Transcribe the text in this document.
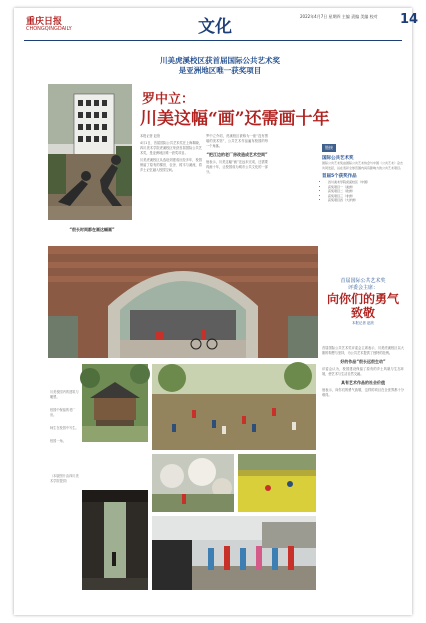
重庆日报
CHONGQINGDAILY	文化
2022年4月7日 星期四 主编 责编 美编 校对	14
川美虎溪校区获首届国际公共艺术奖
是亚洲地区唯一获奖项目
罗中立：
川美这幅“画”还需画十年

本报记者 赵欣

4月1日，首届国际公共艺术奖在上海揭晓，四川美术学院虎溪校区荣获首届国际公共艺术奖，是亚洲地区唯一获奖项目。

川美虎溪校区从选址到建成历经多年，校园保留了原有的梯田、农舍、树木与溪流，将乡土记忆融入校园空间。

罗中立介绍，虎溪校区被称为一座“没有围墙的美术馆”，公共艺术作品遍布校园的每一个角落。

“把江边的老厂房改造成艺术空间”

他表示，川美这幅“画”还远未完成，还需要再画十年，让校园成为城市公共文化的一部分。

“很长时间都在画这幅画”
链接
国际公共艺术奖
国际公共艺术奖由国际公共艺术协会与中国《公共艺术》杂志共同发起，旨在表彰全球范围内具有影响力的公共艺术项目。
首届5个获奖作品
• 四川美术学院虎溪校区（中国）
• 获奖项目一（美洲）
• 获奖项目二（欧洲）
• 获奖项目三（非洲）
• 获奖项目四（大洋洲）
首届国际公共艺术奖
评委会主席：
向你们的勇气致敬
本报记者 赵欣

首届国际公共艺术奖评委会主席表示，川美虎溪校区以大胆的构想与坚持，为公共艺术提供了独特的范例。

好的作品“很长远很生动”

评委会认为，校园建设保留了原有的乡土风貌与生态环境，使艺术与生活自然交融。

具有艺术作品的社会价值

他表示，向你们的勇气致敬，这样的项目在全世界都十分难得。

川美校园内的建筑与雕塑。

校园中保留的老厂房。

师生在校园中写生。

校园一角。

（本版图片由四川美术学院提供）
